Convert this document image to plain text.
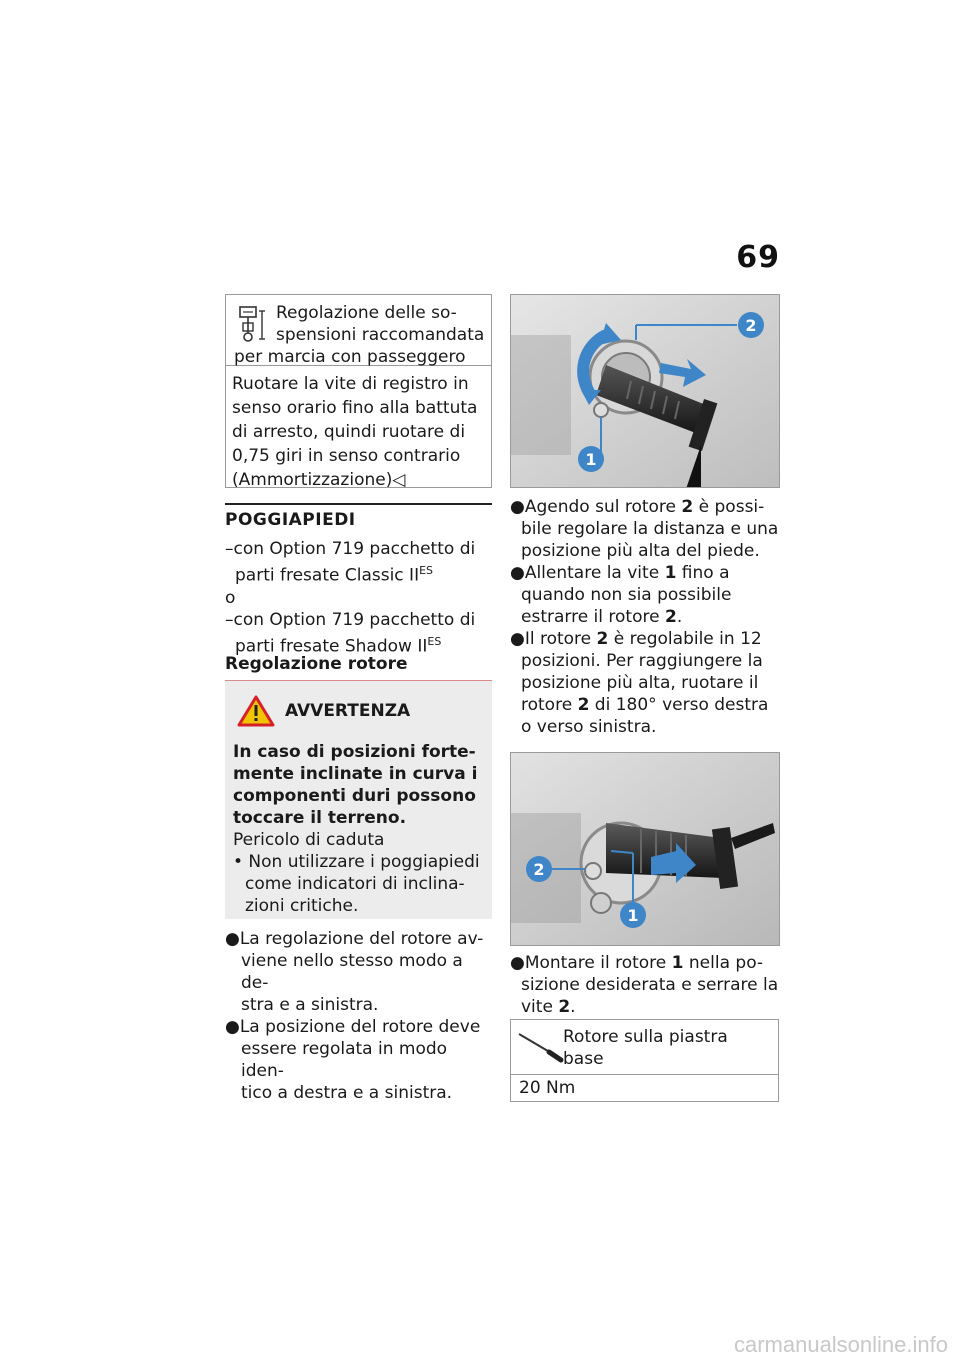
69
Regolazione delle so-
spensioni raccomandata
per marcia con passeggero
Ruotare la vite di registro in
senso orario fino alla battuta
di arresto, quindi ruotare di
0,75 giri in senso contrario
(Ammortizzazione)◁
POGGIAPIEDI
–con Option 719 pacchetto di
parti fresate Classic $II^{ES}$
o
–con Option 719 pacchetto di
parti fresate Shadow $II^{ES}$
Regolazione rotore
AVVERTENZA
In caso di posizioni forte-
mente inclinate in curva i
componenti duri possono
toccare il terreno.
Pericolo di caduta
• Non utilizzare i poggiapiedi
come indicatori di inclina-
zioni critiche.
●La regolazione del rotore av-
viene nello stesso modo a de-
stra e a sinistra.
●La posizione del rotore deve
essere regolata in modo iden-
tico a destra e a sinistra.
1
2
●Agendo sul rotore 2 è possi-
bile regolare la distanza e una
posizione più alta del piede.
●Allentare la vite 1 fino a
quando non sia possibile
estrarre il rotore 2.
●Il rotore 2 è regolabile in 12
posizioni. Per raggiungere la
posizione più alta, ruotare il
rotore 2 di 180° verso destra
o verso sinistra.
2
1
●Montare il rotore 1 nella po-
sizione desiderata e serrare la
vite 2.
Rotore sulla piastra base
20 Nm
carmanualsonline.info
